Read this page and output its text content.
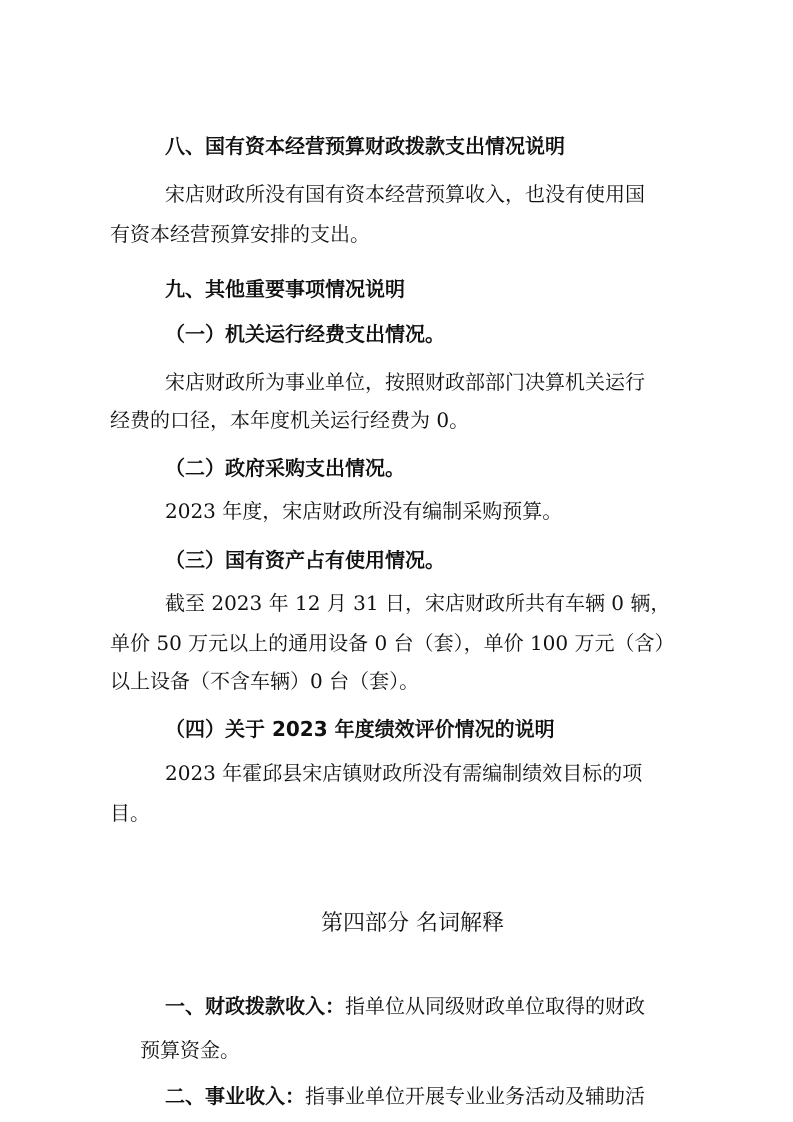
八、国有资本经营预算财政拨款支出情况说明
宋店财政所没有国有资本经营预算收入，也没有使用国
有资本经营预算安排的支出。
九、其他重要事项情况说明
（一）机关运行经费支出情况。
宋店财政所为事业单位，按照财政部部门决算机关运行
经费的口径，本年度机关运行经费为 0。
（二）政府采购支出情况。
2023 年度，宋店财政所没有编制采购预算。
（三）国有资产占有使用情况。
截至 2023 年 12 月 31 日，宋店财政所共有车辆 0 辆，
单价 50 万元以上的通用设备 0 台（套），单价 100 万元（含）
以上设备（不含车辆）0 台（套）。
（四）关于 2023 年度绩效评价情况的说明
2023 年霍邱县宋店镇财政所没有需编制绩效目标的项
目。
第四部分 名词解释
一、财政拨款收入：指单位从同级财政单位取得的财政
预算资金。
二、事业收入：指事业单位开展专业业务活动及辅助活
